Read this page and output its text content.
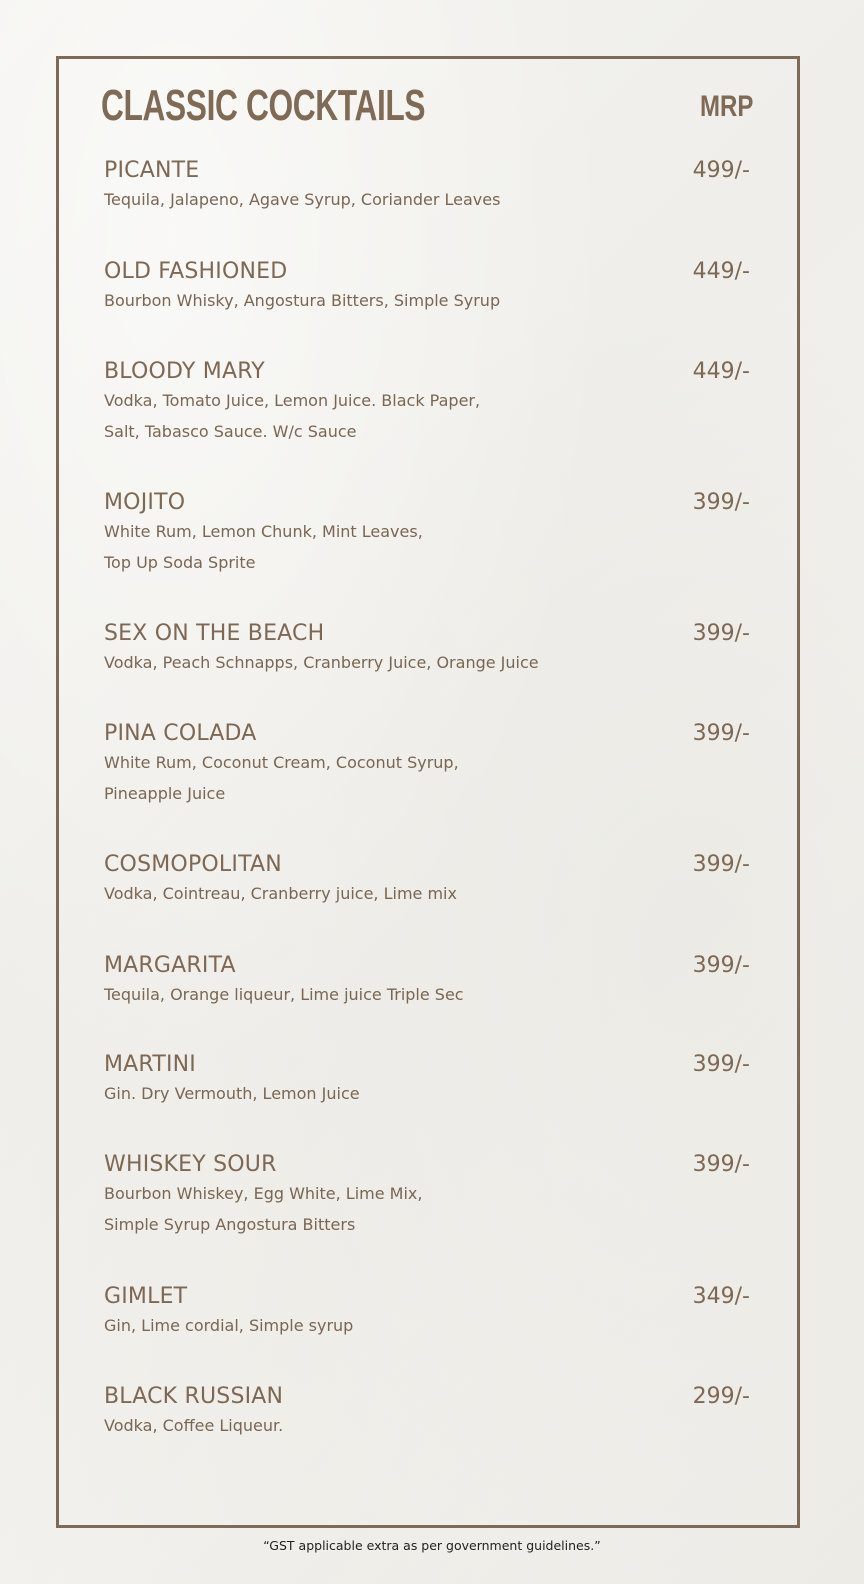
CLASSIC COCKTAILS	MRP
PICANTE	499/-
Tequila, Jalapeno, Agave Syrup, Coriander Leaves
OLD FASHIONED	449/-
Bourbon Whisky, Angostura Bitters, Simple Syrup
BLOODY MARY	449/-
Vodka, Tomato Juice, Lemon Juice. Black Paper,
Salt, Tabasco Sauce. W/c Sauce
MOJITO	399/-
White Rum, Lemon Chunk, Mint Leaves,
Top Up Soda Sprite
SEX ON THE BEACH	399/-
Vodka, Peach Schnapps, Cranberry Juice, Orange Juice
PINA COLADA	399/-
White Rum, Coconut Cream, Coconut Syrup,
Pineapple Juice
COSMOPOLITAN	399/-
Vodka, Cointreau, Cranberry juice, Lime mix
MARGARITA	399/-
Tequila, Orange liqueur, Lime juice Triple Sec
MARTINI	399/-
Gin. Dry Vermouth, Lemon Juice
WHISKEY SOUR	399/-
Bourbon Whiskey, Egg White, Lime Mix,
Simple Syrup Angostura Bitters
GIMLET	349/-
Gin, Lime cordial, Simple syrup
BLACK RUSSIAN	299/-
Vodka, Coffee Liqueur.
“GST applicable extra as per government guidelines.”
